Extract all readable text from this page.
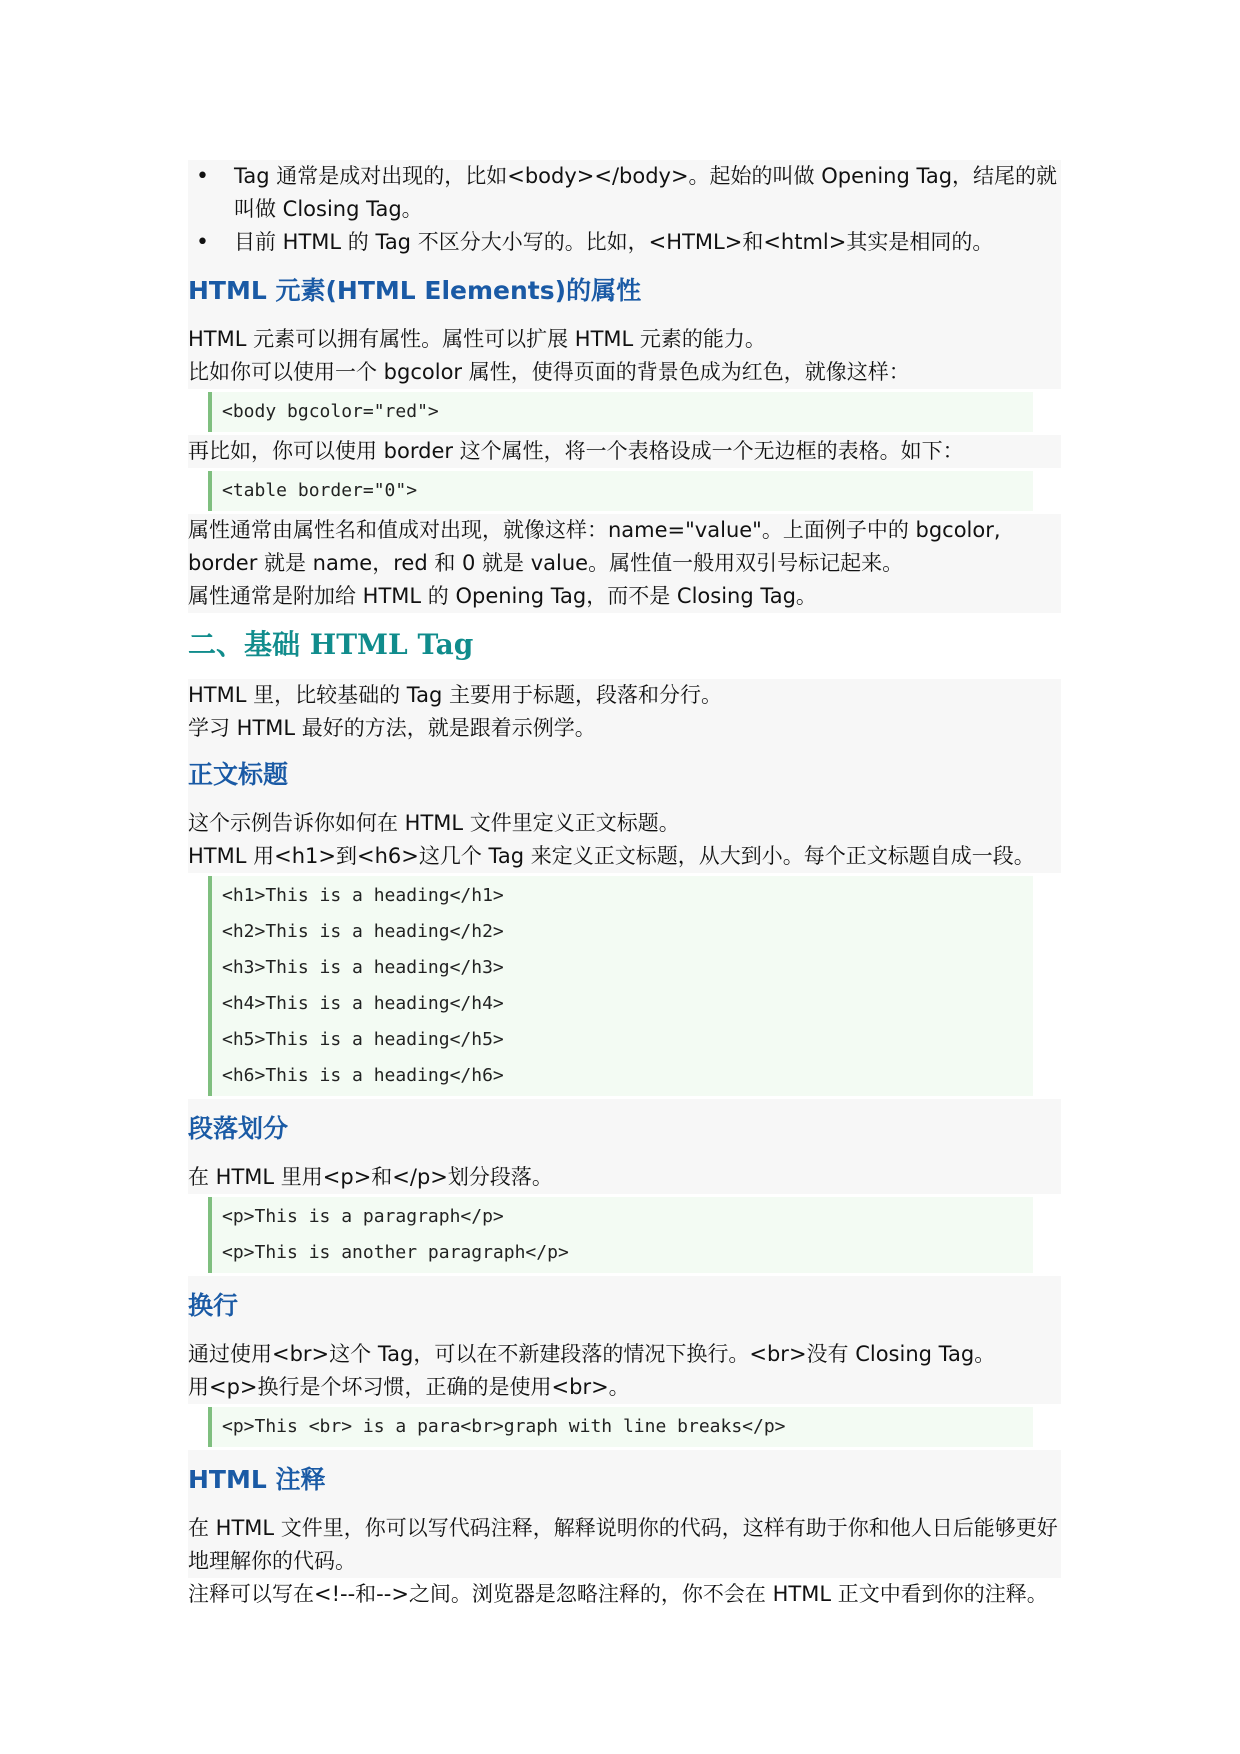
• Tag 通常是成对出现的，比如<body></body>。起始的叫做 Opening Tag，结尾的就叫做 Closing Tag。
• 目前 HTML 的 Tag 不区分大小写的。比如，<HTML>和<html>其实是相同的。
HTML 元素(HTML Elements)的属性

HTML 元素可以拥有属性。属性可以扩展 HTML 元素的能力。

比如你可以使用一个 bgcolor 属性，使得页面的背景色成为红色，就像这样：

<body bgcolor="red">

再比如，你可以使用 border 这个属性，将一个表格设成一个无边框的表格。如下：

<table border="0">

属性通常由属性名和值成对出现，就像这样：name="value"。上面例子中的 bgcolor, border 就是 name，red 和 0 就是 value。属性值一般用双引号标记起来。

属性通常是附加给 HTML 的 Opening Tag，而不是 Closing Tag。

二、基础 HTML Tag

HTML 里，比较基础的 Tag 主要用于标题，段落和分行。

学习 HTML 最好的方法，就是跟着示例学。

正文标题

这个示例告诉你如何在 HTML 文件里定义正文标题。

HTML 用<h1>到<h6>这几个 Tag 来定义正文标题，从大到小。每个正文标题自成一段。

<h1>This is a heading</h1>
<h2>This is a heading</h2>
<h3>This is a heading</h3>
<h4>This is a heading</h4>
<h5>This is a heading</h5>
<h6>This is a heading</h6>
段落划分

在 HTML 里用<p>和</p>划分段落。

<p>This is a paragraph</p>
<p>This is another paragraph</p>
换行

通过使用<br>这个 Tag，可以在不新建段落的情况下换行。<br>没有 Closing Tag。

用<p>换行是个坏习惯，正确的是使用<br>。

<p>This <br> is a para<br>graph with line breaks</p>
HTML 注释

在 HTML 文件里，你可以写代码注释，解释说明你的代码，这样有助于你和他人日后能够更好地理解你的代码。

注释可以写在<!--和-->之间。浏览器是忽略注释的，你不会在 HTML 正文中看到你的注释。
